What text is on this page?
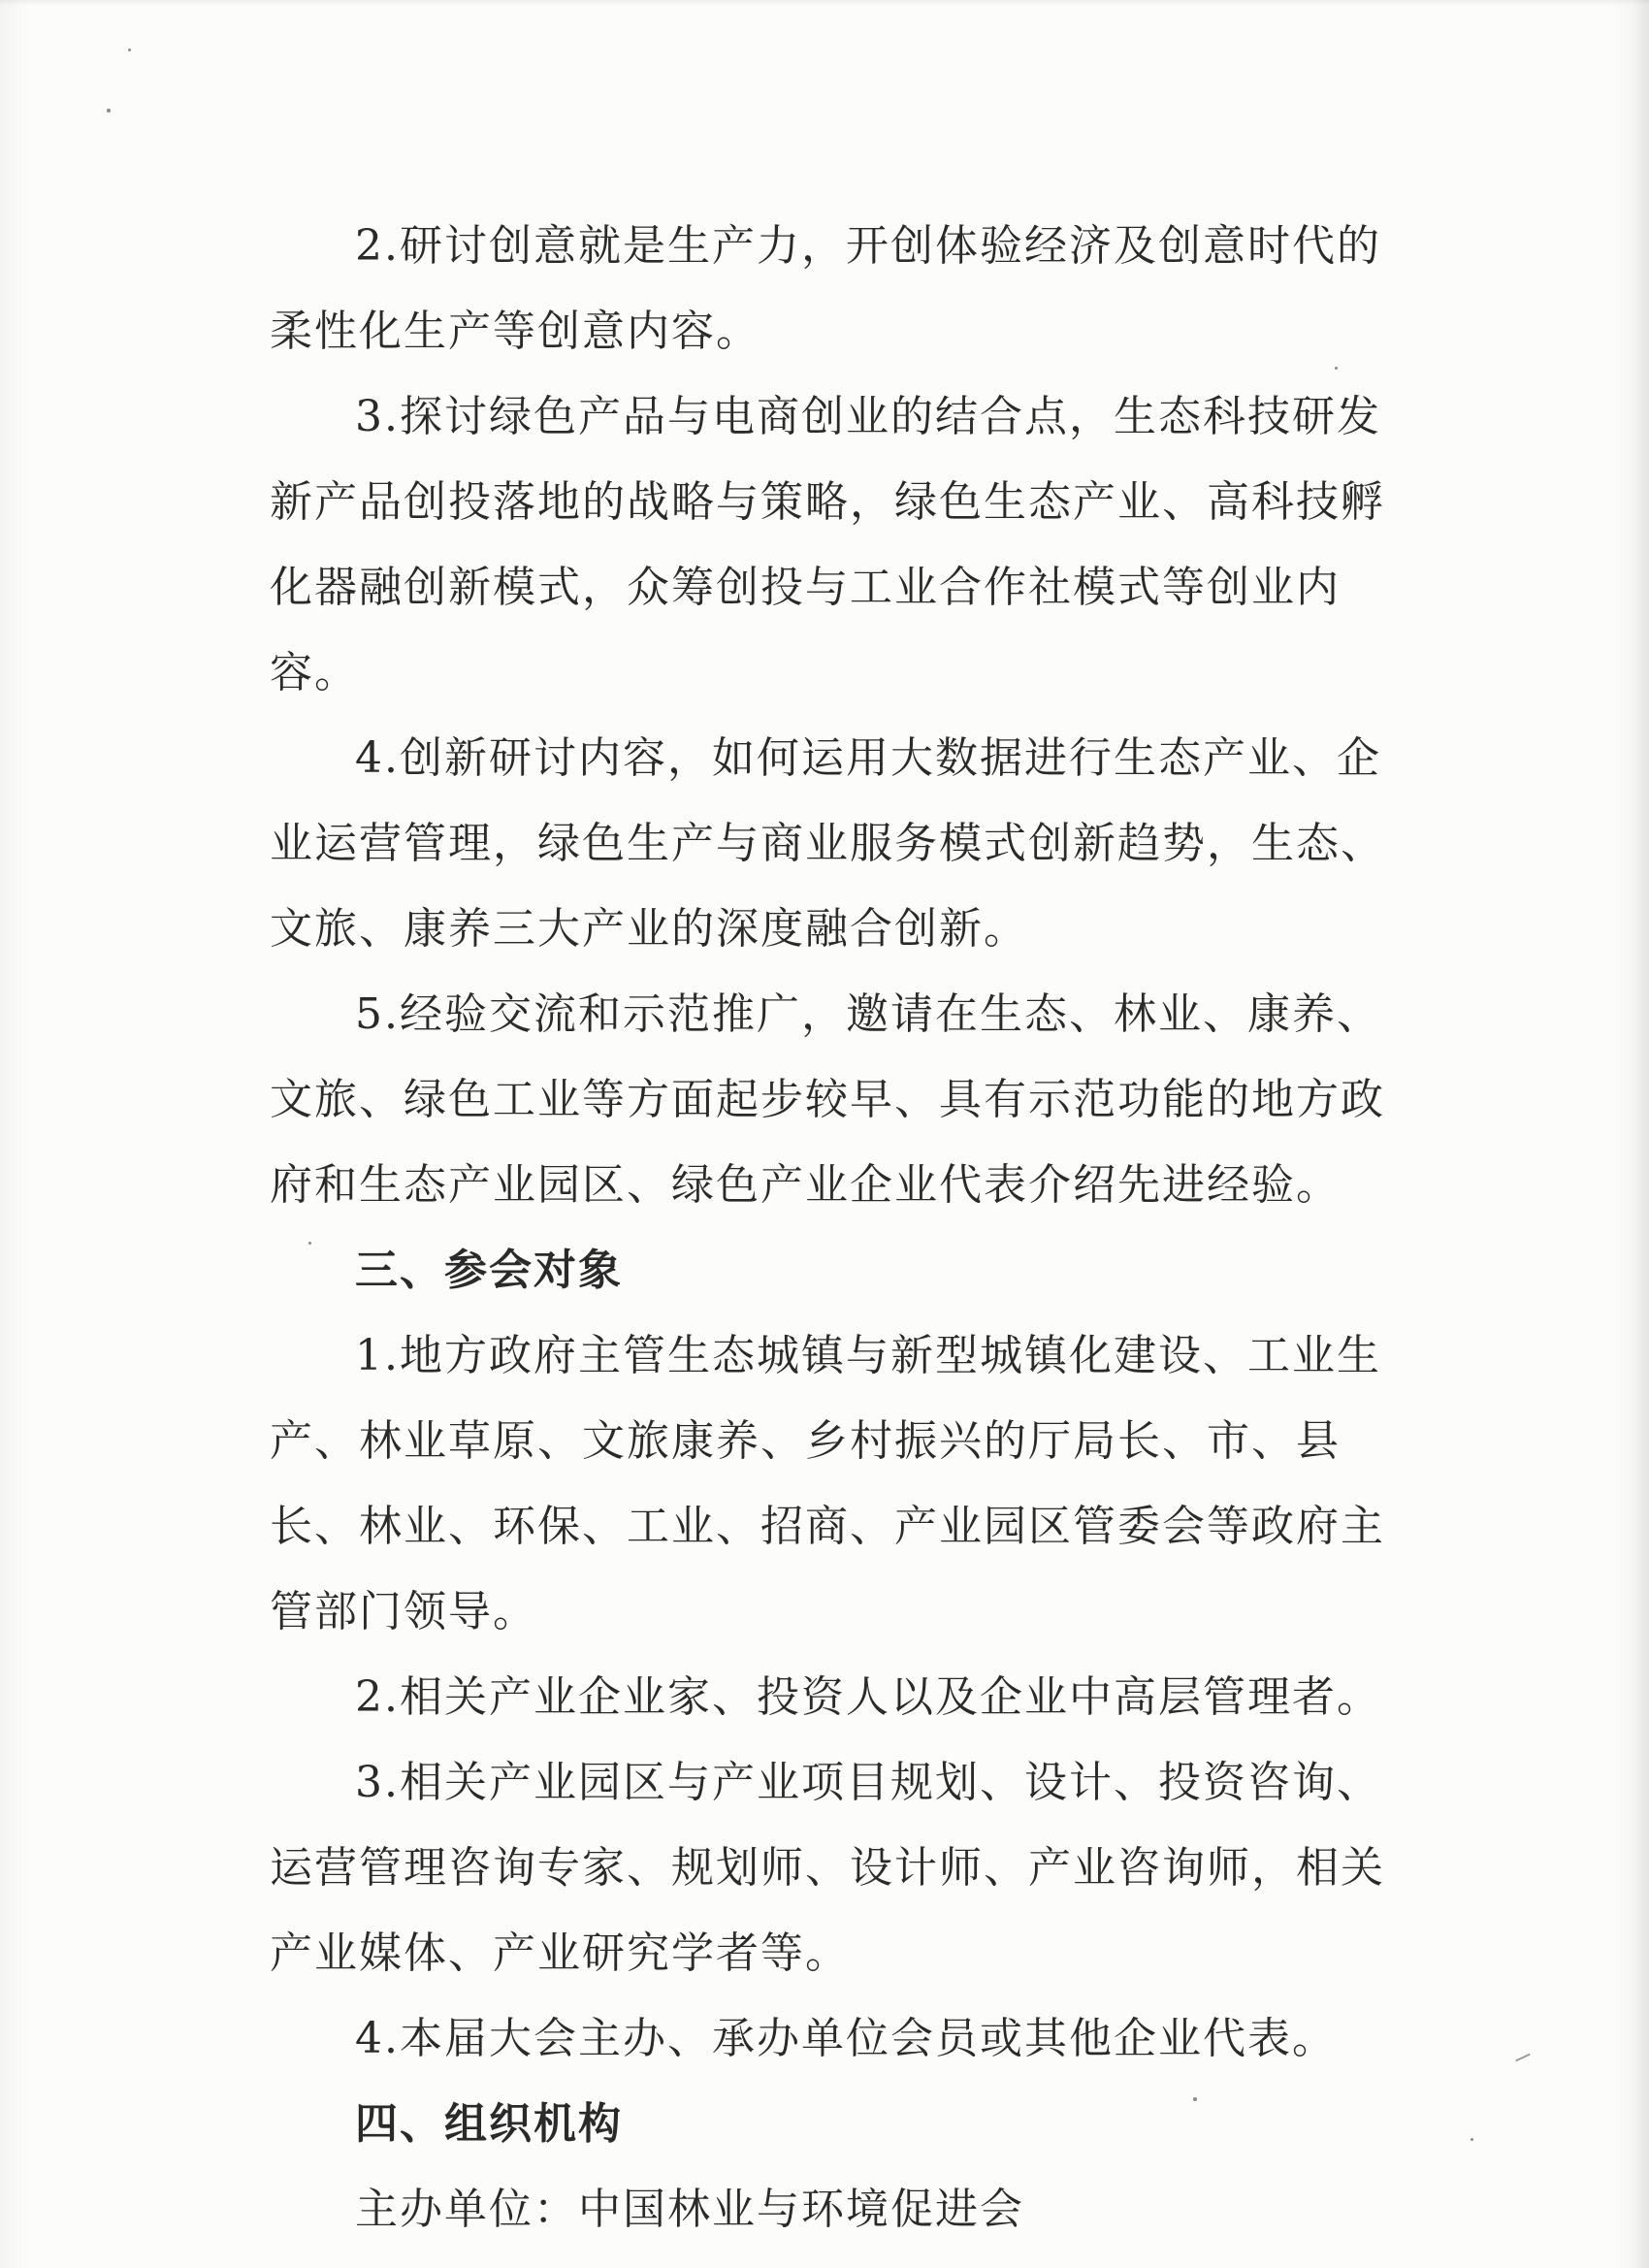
2.研讨创意就是生产力，开创体验经济及创意时代的柔性化生产等创意内容。

3.探讨绿色产品与电商创业的结合点，生态科技研发新产品创投落地的战略与策略，绿色生态产业、高科技孵化器融创新模式，众筹创投与工业合作社模式等创业内容。

4.创新研讨内容，如何运用大数据进行生态产业、企业运营管理，绿色生产与商业服务模式创新趋势，生态、文旅、康养三大产业的深度融合创新。

5.经验交流和示范推广，邀请在生态、林业、康养、文旅、绿色工业等方面起步较早、具有示范功能的地方政府和生态产业园区、绿色产业企业代表介绍先进经验。

三、参会对象

1.地方政府主管生态城镇与新型城镇化建设、工业生产、林业草原、文旅康养、乡村振兴的厅局长、市、县长、林业、环保、工业、招商、产业园区管委会等政府主管部门领导。

2.相关产业企业家、投资人以及企业中高层管理者。

3.相关产业园区与产业项目规划、设计、投资咨询、运营管理咨询专家、规划师、设计师、产业咨询师，相关产业媒体、产业研究学者等。

4.本届大会主办、承办单位会员或其他企业代表。

四、组织机构

主办单位：中国林业与环境促进会
